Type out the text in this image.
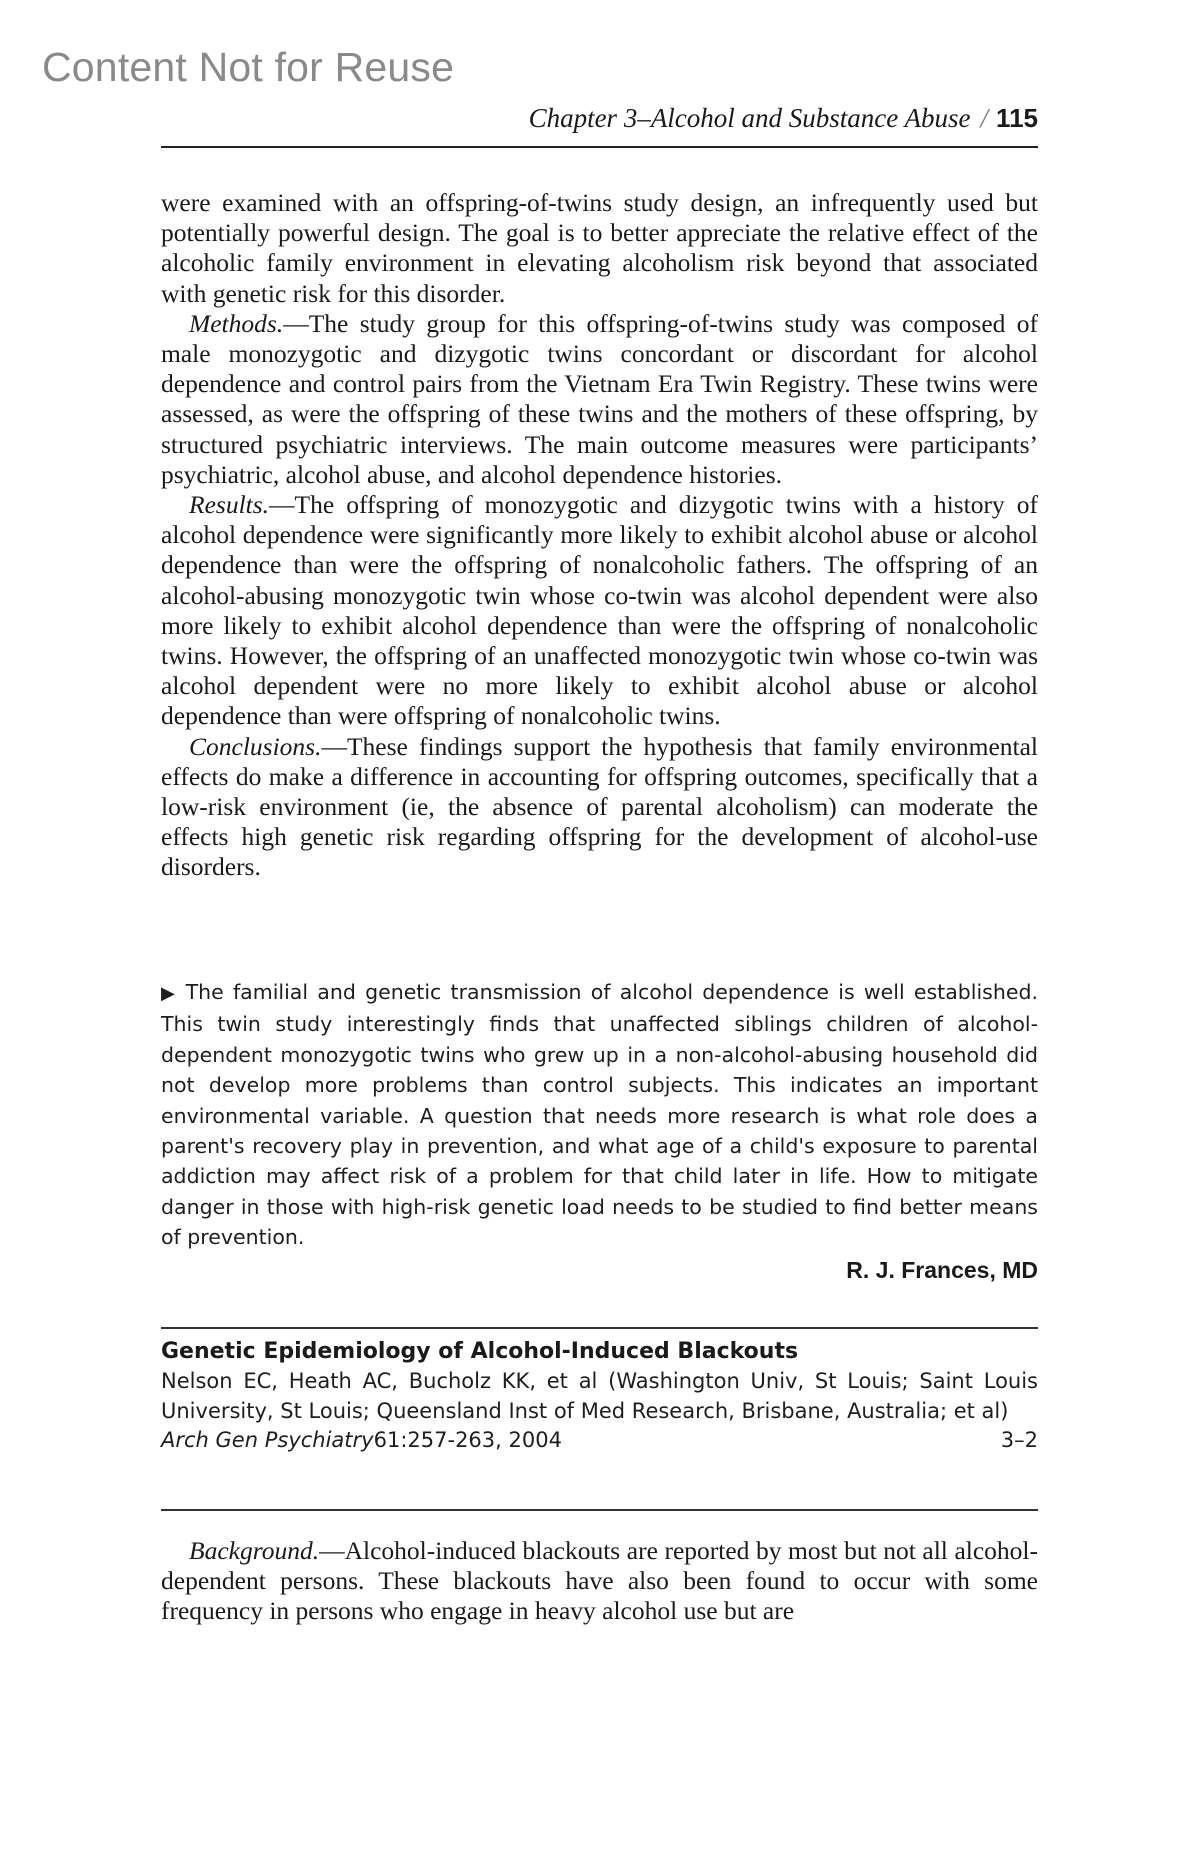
Content Not for Reuse
Chapter 3–Alcohol and Substance Abuse / 115

were examined with an offspring-of-twins study design, an infrequently used but potentially powerful design. The goal is to better appreciate the relative effect of the alcoholic family environment in elevating alcoholism risk beyond that associated with genetic risk for this disorder.

Methods.—The study group for this offspring-of-twins study was composed of male monozygotic and dizygotic twins concordant or discordant for alcohol dependence and control pairs from the Vietnam Era Twin Registry. These twins were assessed, as were the offspring of these twins and the mothers of these offspring, by structured psychiatric interviews. The main outcome measures were participants’ psychiatric, alcohol abuse, and alcohol dependence histories.

Results.—The offspring of monozygotic and dizygotic twins with a history of alcohol dependence were significantly more likely to exhibit alcohol abuse or alcohol dependence than were the offspring of nonalcoholic fathers. The offspring of an alcohol-abusing monozygotic twin whose co-twin was alcohol dependent were also more likely to exhibit alcohol dependence than were the offspring of nonalcoholic twins. However, the offspring of an unaffected monozygotic twin whose co-twin was alcohol dependent were no more likely to exhibit alcohol abuse or alcohol dependence than were offspring of nonalcoholic twins.

Conclusions.—These findings support the hypothesis that family environmental effects do make a difference in accounting for offspring outcomes, specifically that a low-risk environment (ie, the absence of parental alcoholism) can moderate the effects high genetic risk regarding offspring for the development of alcohol-use disorders.

▶ The familial and genetic transmission of alcohol dependence is well established. This twin study interestingly finds that unaffected siblings children of alcohol-dependent monozygotic twins who grew up in a non-alcohol-abusing household did not develop more problems than control subjects. This indicates an important environmental variable. A question that needs more research is what role does a parent's recovery play in prevention, and what age of a child's exposure to parental addiction may affect risk of a problem for that child later in life. How to mitigate danger in those with high-risk genetic load needs to be studied to find better means of prevention.
R. J. Frances, MD
Genetic Epidemiology of Alcohol-Induced Blackouts
Nelson EC, Heath AC, Bucholz KK, et al (Washington Univ, St Louis; Saint Louis University, St Louis; Queensland Inst of Med Research, Brisbane, Australia; et al)
Arch Gen Psychiatry61:257-263, 2004	3–2

Background.—Alcohol-induced blackouts are reported by most but not all alcohol-dependent persons. These blackouts have also been found to occur with some frequency in persons who engage in heavy alcohol use but are
